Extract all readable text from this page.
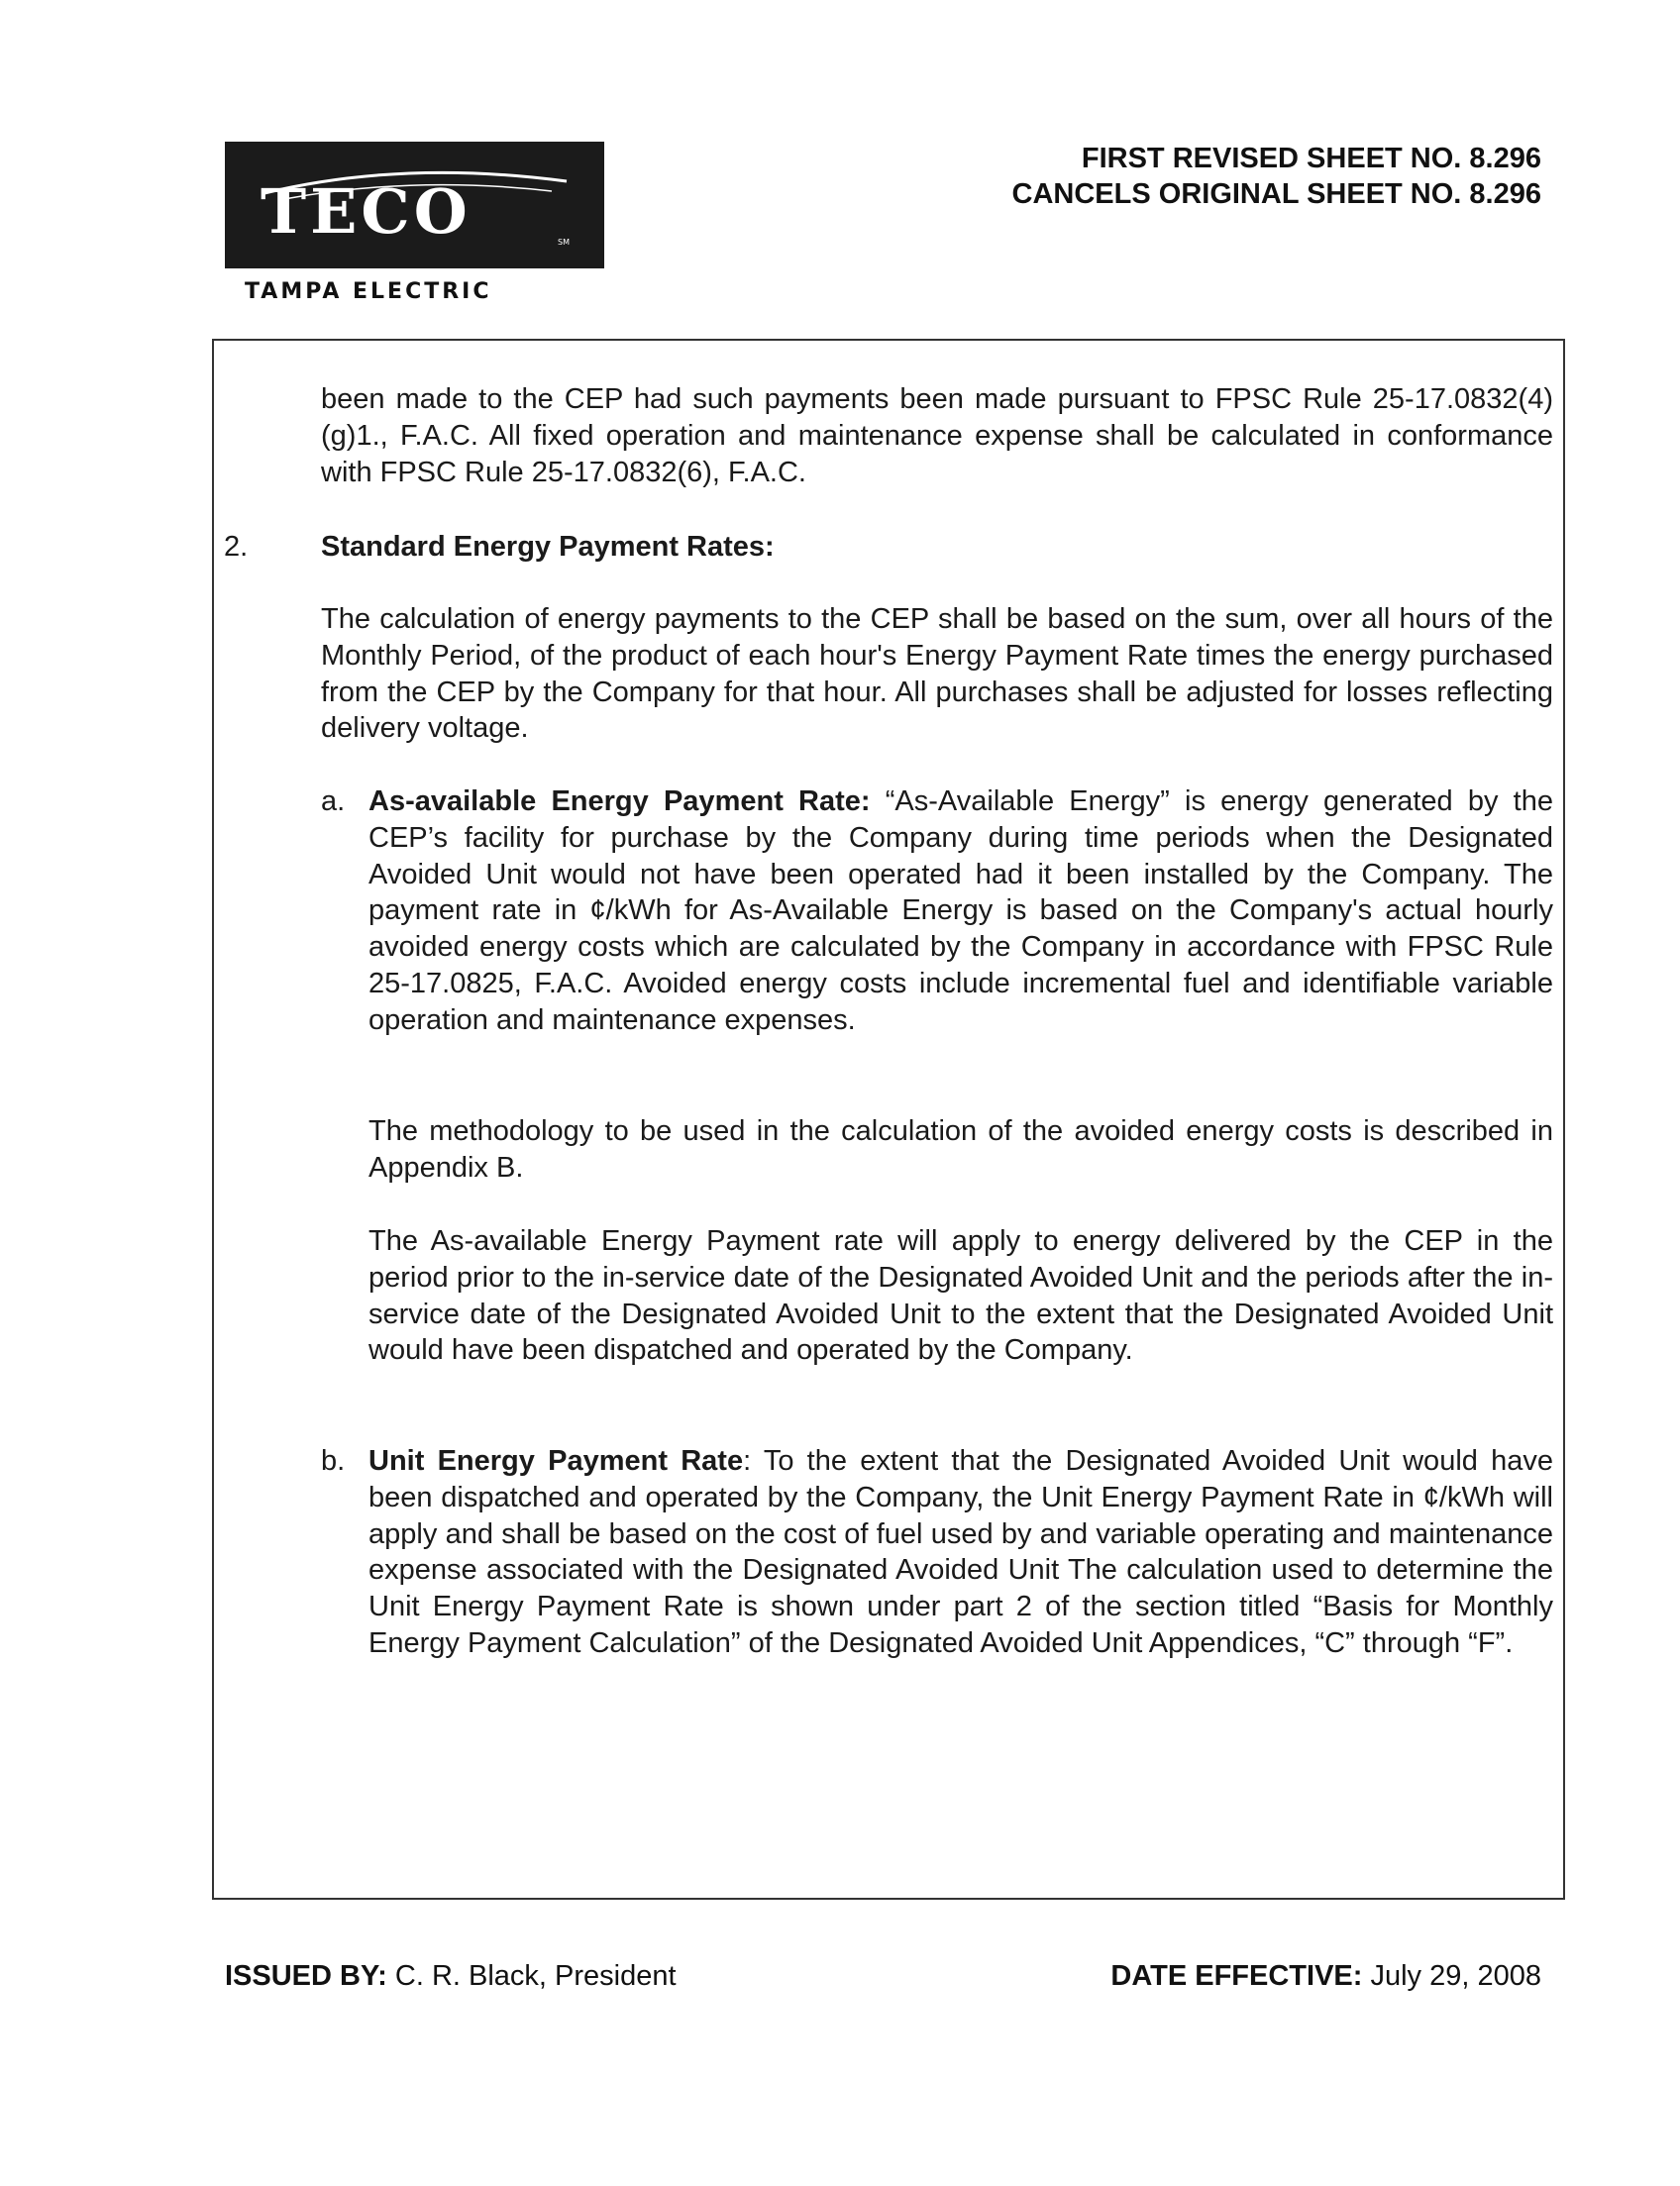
TECO	SM
TAMPA ELECTRIC
FIRST REVISED SHEET NO. 8.296
CANCELS ORIGINAL SHEET NO. 8.296
been made to the CEP had such payments been made pursuant to FPSC Rule 25-17.0832(4)(g)1., F.A.C. All fixed operation and maintenance expense shall be calculated in conformance with FPSC Rule 25-17.0832(6), F.A.C.
2.	Standard Energy Payment Rates:
The calculation of energy payments to the CEP shall be based on the sum, over all hours of the Monthly Period, of the product of each hour's Energy Payment Rate times the energy purchased from the CEP by the Company for that hour. All purchases shall be adjusted for losses reflecting delivery voltage.
a. As-available Energy Payment Rate: “As-Available Energy” is energy generated by the CEP’s facility for purchase by the Company during time periods when the Designated Avoided Unit would not have been operated had it been installed by the Company. The payment rate in ¢/kWh for As-Available Energy is based on the Company's actual hourly avoided energy costs which are calculated by the Company in accordance with FPSC Rule 25-17.0825, F.A.C. Avoided energy costs include incremental fuel and identifiable variable operation and maintenance expenses.
The methodology to be used in the calculation of the avoided energy costs is described in Appendix B.
The As-available Energy Payment rate will apply to energy delivered by the CEP in the period prior to the in-service date of the Designated Avoided Unit and the periods after the in-service date of the Designated Avoided Unit to the extent that the Designated Avoided Unit would have been dispatched and operated by the Company.
b. Unit Energy Payment Rate: To the extent that the Designated Avoided Unit would have been dispatched and operated by the Company, the Unit Energy Payment Rate in ¢/kWh will apply and shall be based on the cost of fuel used by and variable operating and maintenance expense associated with the Designated Avoided Unit The calculation used to determine the Unit Energy Payment Rate is shown under part 2 of the section titled “Basis for Monthly Energy Payment Calculation” of the Designated Avoided Unit Appendices, “C” through “F”.
ISSUED BY: C. R. Black, President	DATE EFFECTIVE: July 29, 2008
